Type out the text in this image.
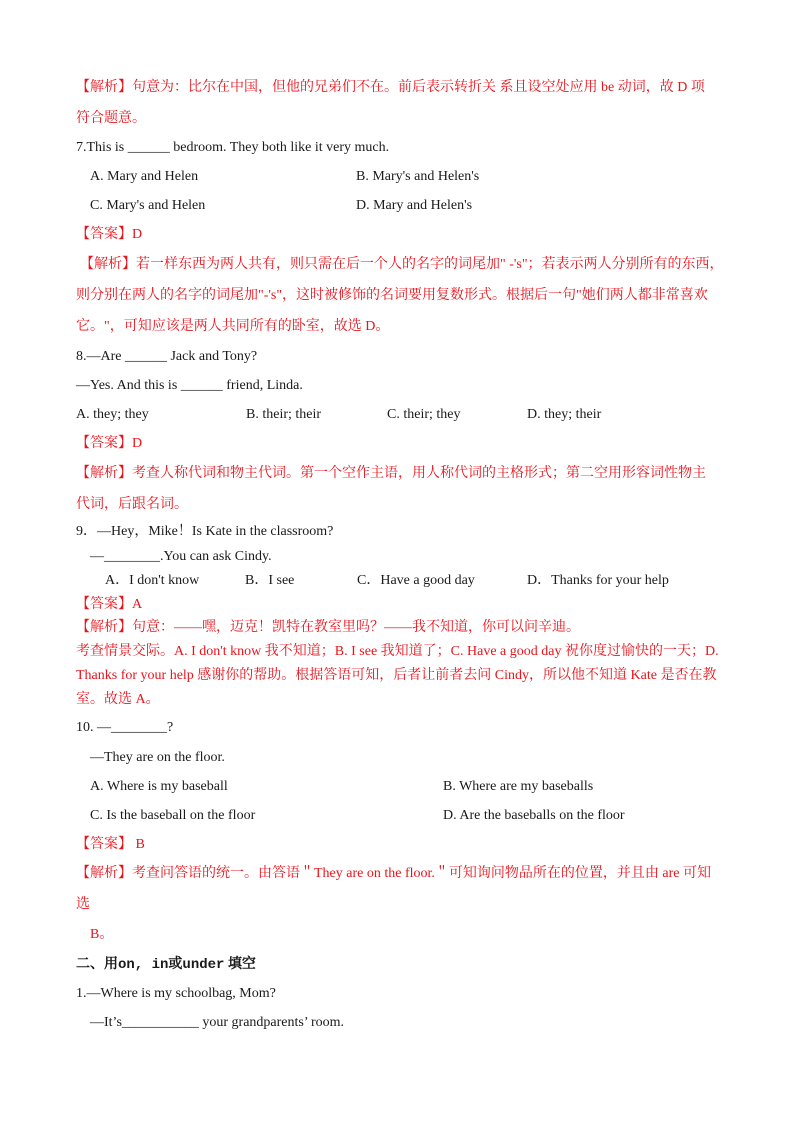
【解析】句意为：比尔在中国，但他的兄弟们不在。前后表示转折关 系且设空处应用 be 动词，故 D 项
符合题意。
7.This is ______ bedroom. They both like it very much.
A. Mary and Helen	B. Mary's and Helen's
C. Mary's and Helen	D. Mary and Helen's
【答案】D
【解析】若一样东西为两人共有，则只需在后一个人的名字的词尾加" -'s"；若表示两人分别所有的东西，
则分别在两人的名字的词尾加"-'s"，这时被修饰的名词要用复数形式。根据后一句"她们两人都非常喜欢
它。"，可知应该是两人共同所有的卧室，故选 D。
8.—Are ______ Jack and Tony?
—Yes. And this is ______ friend, Linda.
A. they; they	B. their; their	C. their; they	D. they; their
【答案】D
【解析】考查人称代词和物主代词。第一个空作主语，用人称代词的主格形式；第二空用形容词性物主
代词，后跟名词。
9．—Hey，Mike！Is Kate in the classroom?
—________.You can ask Cindy.
A．I don't know	B．I see	C．Have a good day	D．Thanks for your help
【答案】A
【解析】句意：——嘿，迈克！凯特在教室里吗？——我不知道，你可以问辛迪。
考查情景交际。A. I don't know 我不知道；B. I see 我知道了；C. Have a good day 祝你度过愉快的一天；D.
Thanks for your help 感谢你的帮助。根据答语可知，后者让前者去问 Cindy，所以他不知道 Kate 是否在教
室。故选 A。
10. —________?
—They are on the floor.
A. Where is my baseball	B. Where are my baseballs
C. Is the baseball on the floor	D. Are the baseballs on the floor
【答案】 B
【解析】考查问答语的统一。由答语＂They are on the floor.＂可知询问物品所在的位置，并且由 are 可知
选
B。
二、用on, in或under 填空
1.—Where is my schoolbag, Mom?
—It’s___________ your grandparents’ room.
